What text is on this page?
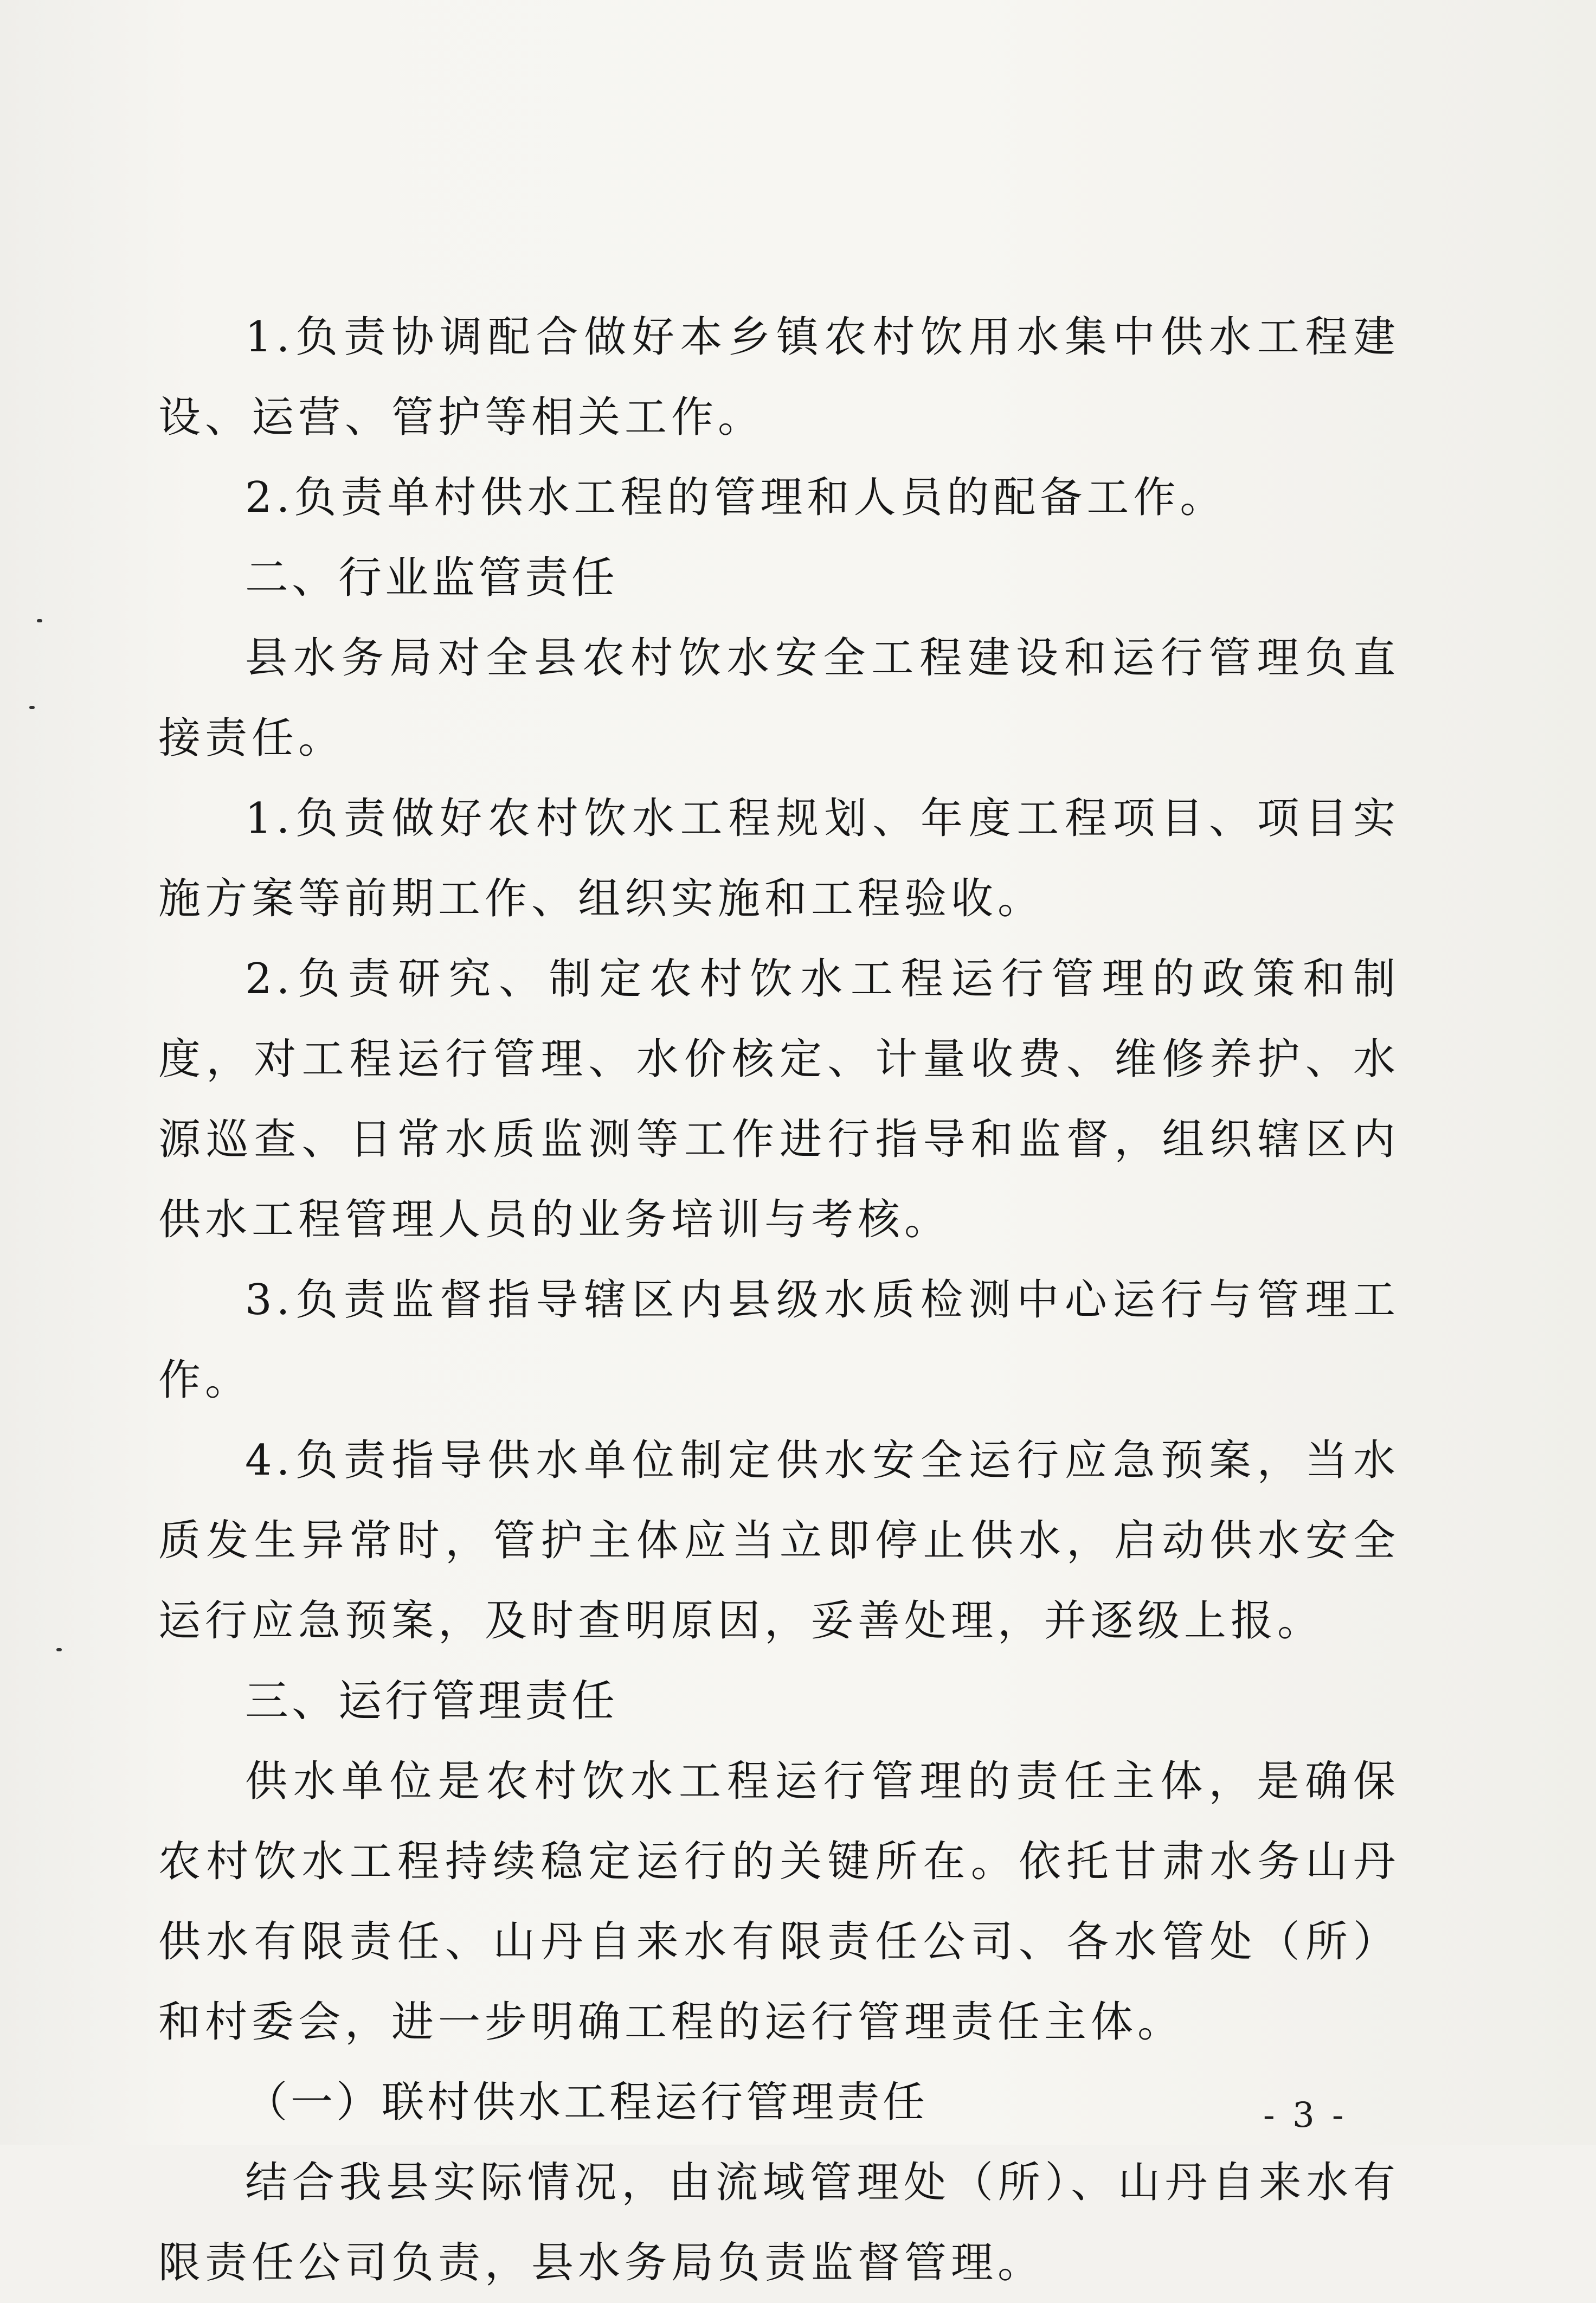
1.负责协调配合做好本乡镇农村饮用水集中供水工程建设、运营、管护等相关工作。

2.负责单村供水工程的管理和人员的配备工作。

二、行业监管责任

县水务局对全县农村饮水安全工程建设和运行管理负直接责任。

1.负责做好农村饮水工程规划、年度工程项目、项目实施方案等前期工作、组织实施和工程验收。

2.负责研究、制定农村饮水工程运行管理的政策和制度，对工程运行管理、水价核定、计量收费、维修养护、水源巡查、日常水质监测等工作进行指导和监督，组织辖区内供水工程管理人员的业务培训与考核。

3.负责监督指导辖区内县级水质检测中心运行与管理工作。

4.负责指导供水单位制定供水安全运行应急预案，当水质发生异常时，管护主体应当立即停止供水，启动供水安全运行应急预案，及时查明原因，妥善处理，并逐级上报。

三、运行管理责任

供水单位是农村饮水工程运行管理的责任主体，是确保农村饮水工程持续稳定运行的关键所在。依托甘肃水务山丹供水有限责任、山丹自来水有限责任公司、各水管处（所）和村委会，进一步明确工程的运行管理责任主体。

（一）联村供水工程运行管理责任

结合我县实际情况，由流域管理处（所）、山丹自来水有限责任公司负责，县水务局负责监督管理。

- 3 -
